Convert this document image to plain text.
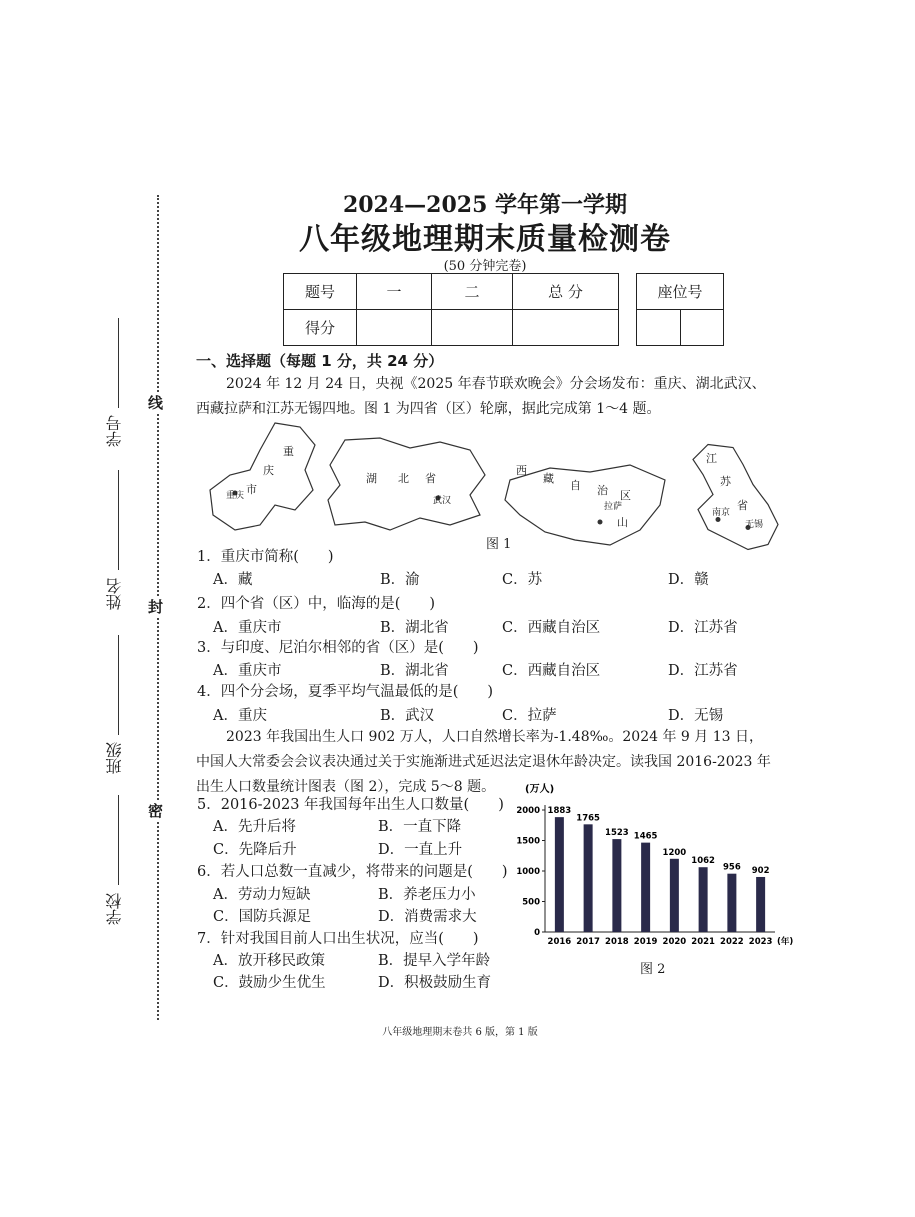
线
封
密
学号
姓名
班级
学校
2024—2025 学年第一学期
八年级地理期末质量检测卷
(50 分钟完卷)
题号	一	二	总 分
得分			
座位号

一、选择题（每题 1 分，共 24 分）
2024 年 12 月 24 日，央视《2025 年春节联欢晚会》分会场发布：重庆、湖北武汉、西藏拉萨和江苏无锡四地。图 1 为四省（区）轮廓，据此完成第 1～4 题。
重
庆
市
重庆
湖 北 省
武汉
西
藏
自 治 区
拉萨
山
江
苏
省
南京
无锡
图 1
1．重庆市简称(　　)
A．藏	B．渝	C．苏	D．赣
2．四个省（区）中，临海的是(　　)
A．重庆市	B．湖北省	C．西藏自治区	D．江苏省
3．与印度、尼泊尔相邻的省（区）是(　　)
A．重庆市	B．湖北省	C．西藏自治区	D．江苏省
4．四个分会场，夏季平均气温最低的是(　　)
A．重庆	B．武汉	C．拉萨	D．无锡
2023 年我国出生人口 902 万人，人口自然增长率为-1.48‰。2024 年 9 月 13 日，中国人大常委会会议表决通过关于实施渐进式延迟法定退休年龄决定。读我国 2016-2023 年出生人口数量统计图表（图 2），完成 5～8 题。
5．2016-2023 年我国每年出生人口数量(　　)
A．先升后将	B．一直下降
C．先降后升	D．一直上升
6．若人口总数一直减少，将带来的问题是(　　)
A．劳动力短缺	B．养老压力小
C．国防兵源足	D．消费需求大
7．针对我国目前人口出生状况，应当(　　)
A．放开移民政策	B．提早入学年龄
C．鼓励少生优生	D．积极鼓励生育
(万人)
0
500
1000
1500
2000 1883
2016
1765
2017
1523
2018
1465
2019
1200
2020
1062
2021
956
2022
902
2023 (年)
图 2
八年级地理期末卷共 6 版，第 1 版
